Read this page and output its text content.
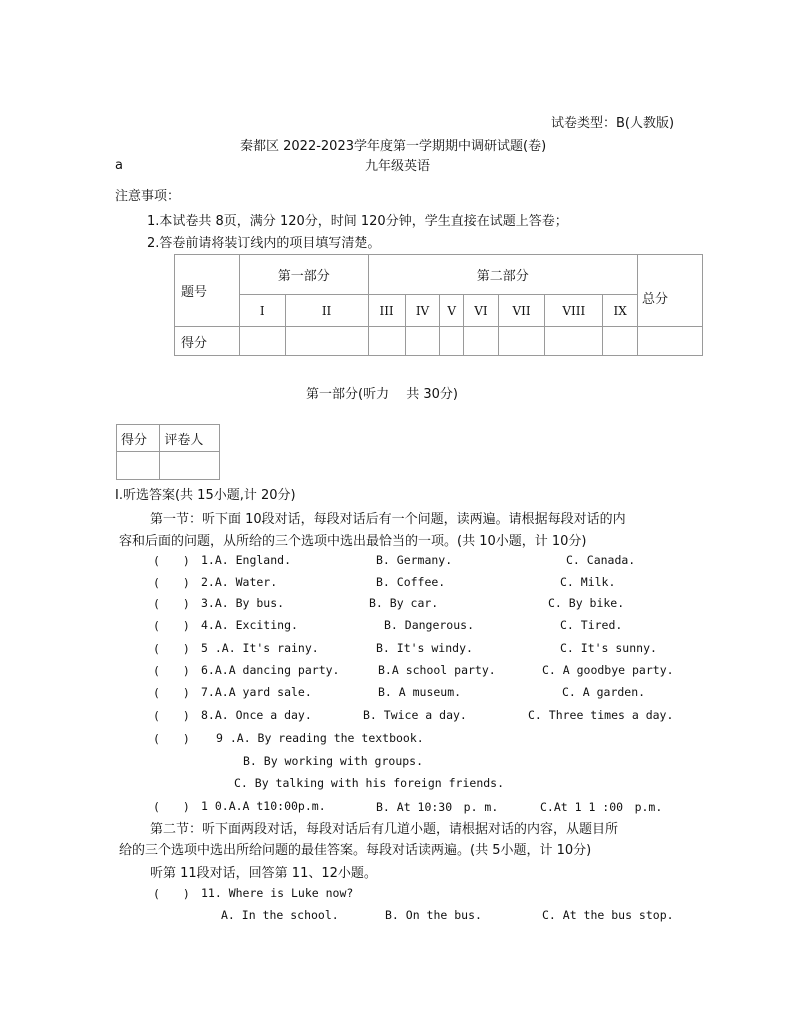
试卷类型：B(人教版)
秦都区 2022-2023学年度第一学期期中调研试题(卷)
a	九年级英语
注意事项：
1.本试卷共 8页，满分 120分，时间 120分钟，学生直接在试题上答卷；
2.答卷前请将装订线内的项目填写清楚。
题号	第一部分		第二部分							总分
	I	II	III	IV	V	VI	VII	VIII	IX	
得分										
第一部分(听力　 共 30分)
得分	评卷人

Ⅰ.听选答案(共 15小题,计 20分)
第一节：听下面 10段对话，每段对话后有一个问题，读两遍。请根据每段对话的内
容和后面的问题，从所给的三个选项中选出最恰当的一项。(共 10小题，计 10分)
(　　) 1.A. England.	B. Germany.	C. Canada.
(　　) 2.A. Water.	B. Coffee.	C. Milk.
(　　) 3.A. By bus.	B. By car.	C. By bike.
(　　) 4.A. Exciting.	B. Dangerous.	C. Tired.
(　　) 5 .A. It's rainy.	B. It's windy.	C. It's sunny.
(　　) 6.A.A dancing party.	B.A school party.	C. A goodbye party.
(　　) 7.A.A yard sale.	B. A museum.	C. A garden.
(　　) 8.A. Once a day.	B. Twice a day.	C. Three times a day.
(　　) 9 .A. By reading the textbook.
B. By working with groups.
C. By talking with his foreign friends.
(　　) 1 0.A.A t10:00p.m.	B. At 10:30　p. m.	C.At 1 1 :00　p.m.
第二节：听下面两段对话，每段对话后有几道小题，请根据对话的内容，从题目所
给的三个选项中选出所给问题的最佳答案。每段对话读两遍。(共 5小题，计 10分)
听第 11段对话，回答第 11、12小题。
(　　) 11. Where is Luke now?
A. In the school.	B. On the bus.	C. At the bus stop.
